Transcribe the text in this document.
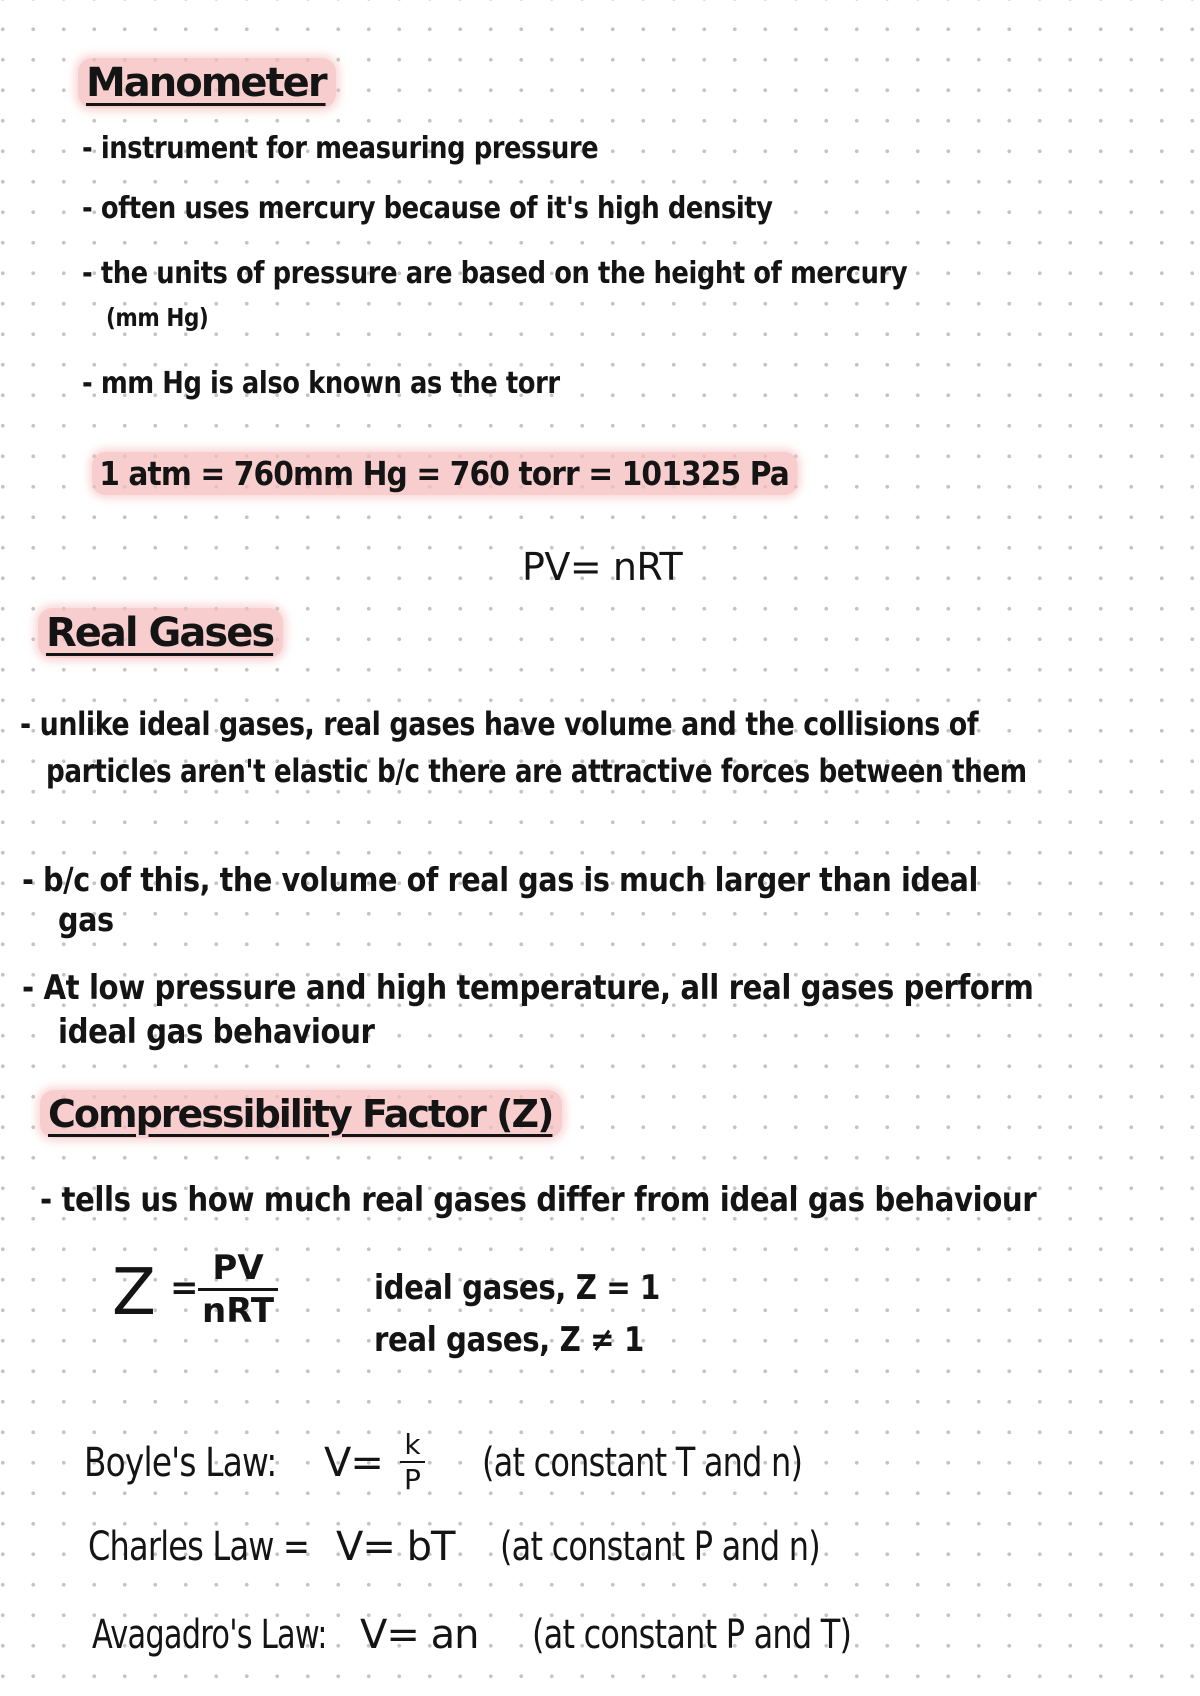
Manometer
- instrument for measuring pressure
- often uses mercury because of it's high density
- the units of pressure are based on the height of mercury
(mm Hg)
- mm Hg is also known as the torr
1 atm = 760mm Hg = 760 torr = 101325 Pa
PV= nRT
Real Gases
- unlike ideal gases, real gases have volume and the collisions of
particles aren't elastic b/c there are attractive forces between them
- b/c of this, the volume of real gas is much larger than ideal
gas
- At low pressure and high temperature, all real gases perform
ideal gas behaviour
Compressibility Factor (Z)
- tells us how much real gases differ from ideal gas behaviour
Z = PV
nRT
ideal gases, Z = 1
real gases, Z ≠ 1
Boyle's Law: V= k
P (at constant T and n)
Charles Law = V= bT (at constant P and n)
Avagadro's Law: V= an (at constant P and T)
